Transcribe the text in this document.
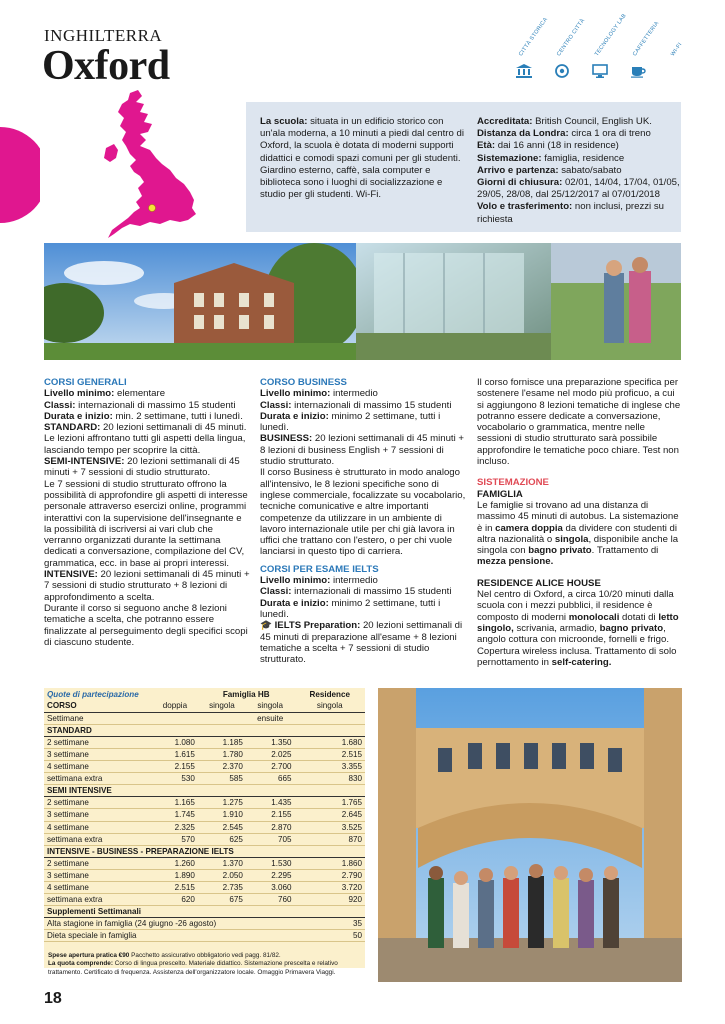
INGHILTERRA
Oxford
CITTÀ STORICA CENTRO CITTÀ TECNOLOGY LAB CAFFETTERIA WI-FI

La scuola: situata in un edificio storico con un'ala moderna, a 10 minuti a piedi dal centro di Oxford, la scuola è dotata di moderni supporti didattici e comodi spazi comuni per gli studenti. Giardino esterno, caffè, sala computer e biblioteca sono i luoghi di socializzazione e studio per gli studenti. Wi-Fi.

Accreditata: British Council, English UK.

Distanza da Londra: circa 1 ora di treno

Età: dai 16 anni (18 in residence)

Sistemazione: famiglia, residence

Arrivo e partenza: sabato/sabato

Giorni di chiusura: 02/01, 14/04, 17/04, 01/05, 29/05, 28/08, dal 25/12/2017 al 07/01/2018

Volo e trasferimento: non inclusi, prezzi su richiesta

CORSI GENERALI

Livello minimo: elementare

Classi: internazionali di massimo 15 studenti

Durata e inizio: min. 2 settimane, tutti i lunedì.

STANDARD: 20 lezioni settimanali di 45 minuti.

Le lezioni affrontano tutti gli aspetti della lingua, lasciando tempo per scoprire la città.

SEMI-INTENSIVE: 20 lezioni settimanali di 45 minuti + 7 sessioni di studio strutturato.

Le 7 sessioni di studio strutturato offrono la possibilità di approfondire gli aspetti di interesse personale attraverso esercizi online, programmi interattivi con la supervisione dell'insegnante e la possibilità di iscriversi ai vari club che verranno organizzati durante la settimana dedicati a conversazione, compilazione del CV, grammatica, ecc. in base ai propri interessi.

INTENSIVE: 20 lezioni settimanali di 45 minuti + 7 sessioni di studio strutturato + 8 lezioni di approfondimento a scelta.

Durante il corso si seguono anche 8 lezioni tematiche a scelta, che potranno essere finalizzate al perseguimento degli specifici scopi di ciascuno studente.

CORSO BUSINESS

Livello minimo: intermedio

Classi: internazionali di massimo 15 studenti

Durata e inizio: minimo 2 settimane, tutti i lunedì.

BUSINESS: 20 lezioni settimanali di 45 minuti + 8 lezioni di business English + 7 sessioni di studio strutturato.

Il corso Business è strutturato in modo analogo all'intensivo, le 8 lezioni specifiche sono di inglese commerciale, focalizzate su vocabolario, tecniche comunicative e altre importanti competenze da utilizzare in un ambiente di lavoro internazionale utile per chi già lavora in uffici che trattano con l'estero, o per chi vuole lanciarsi in questo tipo di carriera.

CORSI PER ESAME IELTS

Livello minimo: intermedio

Classi: internazionali di massimo 15 studenti

Durata e inizio: minimo 2 settimane, tutti i lunedì.

🎓 IELTS Preparation: 20 lezioni settimanali di 45 minuti di preparazione all'esame + 8 lezioni tematiche a scelta + 7 sessioni di studio strutturato.

Il corso fornisce una preparazione specifica per sostenere l'esame nel modo più proficuo, a cui si aggiungono 8 lezioni tematiche di inglese che potranno essere dedicate a conversazione, vocabolario o grammatica, mentre nelle sessioni di studio strutturato sarà possibile approfondire le tematiche poco chiare. Test non incluso.

SISTEMAZIONE

FAMIGLIA

Le famiglie si trovano ad una distanza di massimo 45 minuti di autobus. La sistemazione è in camera doppia da dividere con studenti di altra nazionalità o singola, disponibile anche la singola con bagno privato. Trattamento di mezza pensione.

RESIDENCE ALICE HOUSE

Nel centro di Oxford, a circa 10/20 minuti dalla scuola con i mezzi pubblici, il residence è composto di moderni monolocali dotati di letto singolo, scrivania, armadio, bagno privato, angolo cottura con microonde, fornelli e frigo. Copertura wireless inclusa. Trattamento di solo pernottamento in self-catering.

Quote di partecipazione		Famiglia HB		Residence
CORSO	doppia	singola	singola	singola
Settimane			ensuite	
STANDARD				
2 settimane	1.080	1.185	1.350	1.680
3 settimane	1.615	1.780	2.025	2.515
4 settimane	2.155	2.370	2.700	3.355
settimana extra	530	585	665	830
SEMI INTENSIVE				
2 settimane	1.165	1.275	1.435	1.765
3 settimane	1.745	1.910	2.155	2.645
4 settimane	2.325	2.545	2.870	3.525
settimana extra	570	625	705	870
INTENSIVE - BUSINESS - PREPARAZIONE IELTS				
2 settimane	1.260	1.370	1.530	1.860
3 settimane	1.890	2.050	2.295	2.790
4 settimane	2.515	2.735	3.060	3.720
settimana extra	620	675	760	920
Supplementi Settimanali				
Alta stagione in famiglia (24 giugno -26 agosto)				35
Dieta speciale in famiglia				50

Spese apertura pratica €90 Pacchetto assicurativo obbligatorio vedi pagg. 81/82.

La quota comprende: Corso di lingua prescelto. Materiale didattico. Sistemazione prescelta e relativo trattamento. Certificato di frequenza. Assistenza dell'organizzatore locale. Omaggio Primavera Viaggi.

18
